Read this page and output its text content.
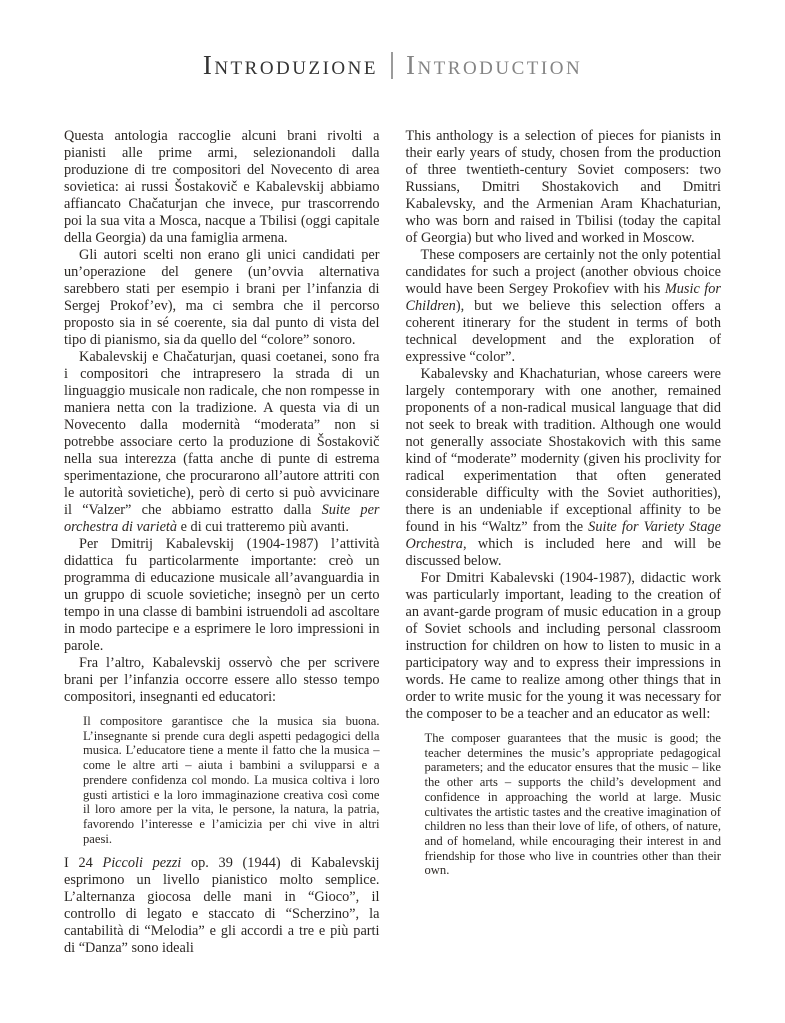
Introduzione Introduction

Questa antologia raccoglie alcuni brani rivolti a pianisti alle prime armi, selezionandoli dalla produzione di tre compositori del Novecento di area sovietica: ai russi Šostakovič e Kabalevskij abbiamo affiancato Chačaturjan che invece, pur trascorrendo poi la sua vita a Mosca, nacque a Tbilisi (oggi capitale della Georgia) da una famiglia armena.

Gli autori scelti non erano gli unici candidati per un’operazione del genere (un’ovvia alternativa sarebbero stati per esempio i brani per l’infanzia di Sergej Prokof’ev), ma ci sembra che il percorso proposto sia in sé coerente, sia dal punto di vista del tipo di pianismo, sia da quello del “colore” sonoro.

Kabalevskij e Chačaturjan, quasi coetanei, sono fra i compositori che intrapresero la strada di un linguaggio musicale non radicale, che non rompesse in maniera netta con la tradizione. A questa via di un Novecento dalla modernità “moderata” non si potrebbe associare certo la produzione di Šostakovič nella sua interezza (fatta anche di punte di estrema sperimentazione, che procurarono all’autore attriti con le autorità sovietiche), però di certo si può avvicinare il “Valzer” che abbiamo estratto dalla Suite per orchestra di varietà e di cui tratteremo più avanti.

Per Dmitrij Kabalevskij (1904-1987) l’attività didattica fu particolarmente importante: creò un programma di educazione musicale all’avanguardia in un gruppo di scuole sovietiche; insegnò per un certo tempo in una classe di bambini istruendoli ad ascoltare in modo partecipe e a esprimere le loro impressioni in parole.

Fra l’altro, Kabalevskij osservò che per scrivere brani per l’infanzia occorre essere allo stesso tempo compositori, insegnanti ed educatori:

Il compositore garantisce che la musica sia buona. L’insegnante si prende cura degli aspetti pedagogici della musica. L’educatore tiene a mente il fatto che la musica – come le altre arti – aiuta i bambini a svilupparsi e a prendere confidenza col mondo. La musica coltiva i loro gusti artistici e la loro immaginazione creativa così come il loro amore per la vita, le persone, la natura, la patria, favorendo l’interesse e l’amicizia per chi vive in altri paesi.

I 24 Piccoli pezzi op. 39 (1944) di Kabalevskij esprimono un livello pianistico molto semplice. L’alternanza giocosa delle mani in “Gioco”, il controllo di legato e staccato di “Scherzino”, la cantabilità di “Melodia” e gli accordi a tre e più parti di “Danza” sono ideali

This anthology is a selection of pieces for pianists in their early years of study, chosen from the production of three twentieth-century Soviet composers: two Russians, Dmitri Shostakovich and Dmitri Kabalevsky, and the Armenian Aram Khachaturian, who was born and raised in Tbilisi (today the capital of Georgia) but who lived and worked in Moscow.

These composers are certainly not the only potential candidates for such a project (another obvious choice would have been Sergey Prokofiev with his Music for Children), but we believe this selection offers a coherent itinerary for the student in terms of both technical development and the exploration of expressive “color”.

Kabalevsky and Khachaturian, whose careers were largely contemporary with one another, remained proponents of a non-radical musical language that did not seek to break with tradition. Although one would not generally associate Shostakovich with this same kind of “moderate” modernity (given his proclivity for radical experimentation that often generated considerable difficulty with the Soviet authorities), there is an undeniable if exceptional affinity to be found in his “Waltz” from the Suite for Variety Stage Orchestra, which is included here and will be discussed below.

For Dmitri Kabalevski (1904-1987), didactic work was particularly important, leading to the creation of an avant-garde program of music education in a group of Soviet schools and including personal classroom instruction for children on how to listen to music in a participatory way and to express their impressions in words. He came to realize among other things that in order to write music for the young it was necessary for the composer to be a teacher and an educator as well:

The composer guarantees that the music is good; the teacher determines the music’s appropriate pedagogical parameters; and the educator ensures that the music – like the other arts – supports the child’s development and confidence in approaching the world at large. Music cultivates the artistic tastes and the creative imagination of children no less than their love of life, of others, of nature, and of homeland, while encouraging their interest in and friendship for those who live in countries other than their own.
